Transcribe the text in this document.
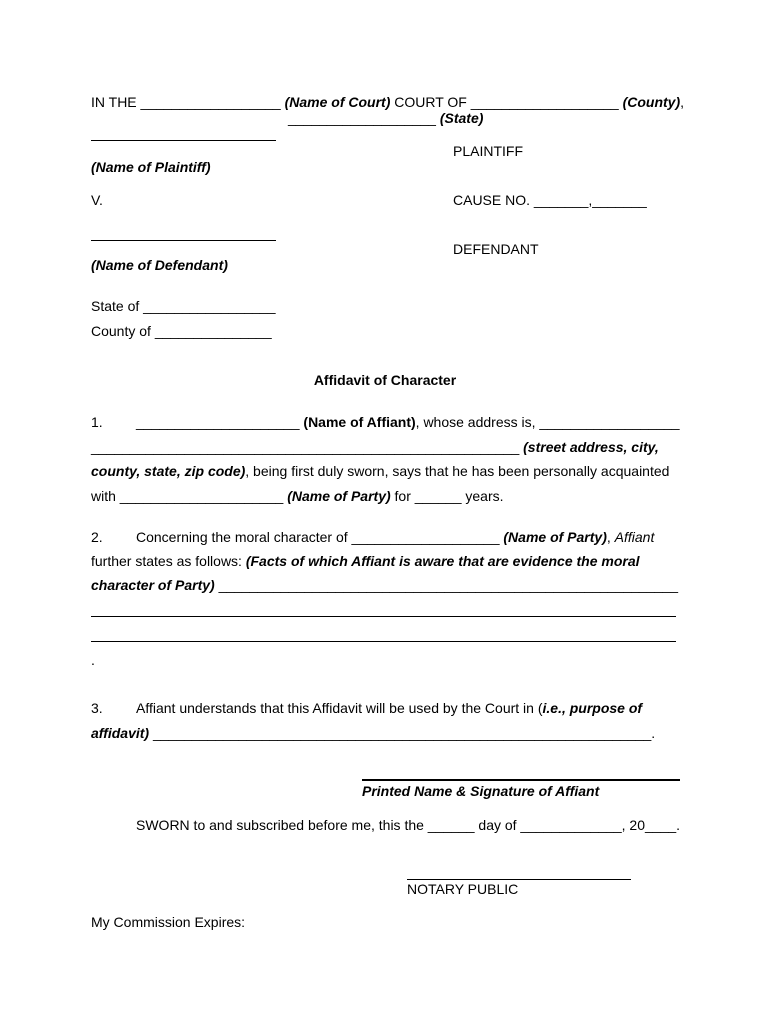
IN THE __________________ (Name of Court) COURT OF ___________________ (County),
___________________ (State)
(Name of Plaintiff)
PLAINTIFF
V.	CAUSE NO. _______,_______
(Name of Defendant)
DEFENDANT
State of _________________
County of _______________
Affidavit of Character
1. _____________________ (Name of Affiant), whose address is, __________________
_______________________________________________________ (street address, city,
county, state, zip code), being first duly sworn, says that he has been personally acquainted
with _____________________ (Name of Party) for ______ years.
2. Concerning the moral character of ___________________ (Name of Party), Affiant
further states as follows: (Facts of which Affiant is aware that are evidence the moral
character of Party) ___________________________________________________________
.
3. Affiant understands that this Affidavit will be used by the Court in (i.e., purpose of
affidavit) ________________________________________________________________.
Printed Name & Signature of Affiant
SWORN to and subscribed before me, this the ______ day of _____________, 20____.
NOTARY PUBLIC
My Commission Expires:
